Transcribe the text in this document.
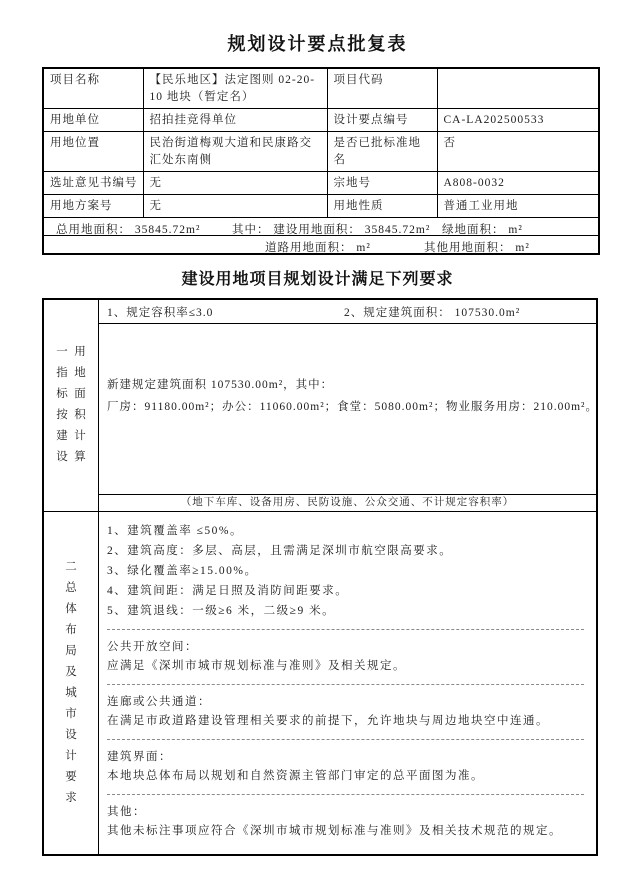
规划设计要点批复表
项目名称	【民乐地区】法定图则 02-20-10 地块（暂定名）	项目代码	
用地单位	招拍挂竞得单位	设计要点编号	CA-LA202500533
用地位置	民治街道梅观大道和民康路交汇处东南侧	是否已批标准地名	否
选址意见书编号	无	宗地号	A808-0032
用地方案号	无	用地性质	普通工业用地

总用地面积： 35845.72m² 其中： 建设用地面积： 35845.72m² 绿地面积： m²			

道路用地面积： m² 其他用地面积： m²			
建设用地项目规划设计满足下列要求
一指标按建设
用地面积计算
1、规定容积率≤3.0	2、规定建筑面积： 107530.0m²
新建规定建筑面积 107530.00m²，其中：
厂房：91180.00m²；办公：11060.00m²；食堂：5080.00m²；物业服务用房：210.00m²。
（地下车库、设备用房、民防设施、公众交通、不计规定容积率）
二总体布局及城市设计要求
1、建筑覆盖率 ≤50%。
2、建筑高度：多层、高层，且需满足深圳市航空限高要求。
3、绿化覆盖率≥15.00%。
4、建筑间距：满足日照及消防间距要求。
5、建筑退线：一级≥6 米，二级≥9 米。
公共开放空间：
应满足《深圳市城市规划标准与准则》及相关规定。
连廊或公共通道：
在满足市政道路建设管理相关要求的前提下，允许地块与周边地块空中连通。
建筑界面：
本地块总体布局以规划和自然资源主管部门审定的总平面图为准。
其他：
其他未标注事项应符合《深圳市城市规划标准与准则》及相关技术规范的规定。
